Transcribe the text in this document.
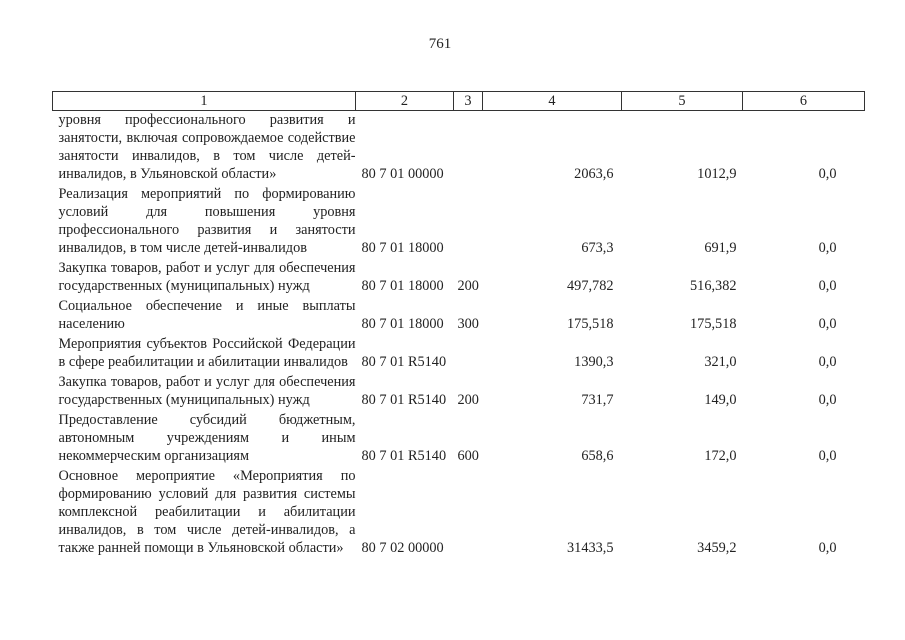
761
1	2	3	4	5	6
уровня профессионального развития и занятости, включая сопровождаемое содействие занятости инвалидов, в том числе детей-инвалидов, в Ульяновской области»	80 7 01 00000		2063,6	1012,9	0,0
Реализация мероприятий по формированию условий для повышения уровня профессионального развития и занятости инвалидов, в том числе детей-инвалидов	80 7 01 18000		673,3	691,9	0,0
Закупка товаров, работ и услуг для обеспечения государственных (муниципальных) нужд	80 7 01 18000	200	497,782	516,382	0,0
Социальное обеспечение и иные выплаты населению	80 7 01 18000	300	175,518	175,518	0,0
Мероприятия субъектов Российской Федерации в сфере реабилитации и абилитации инвалидов	80 7 01 R5140		1390,3	321,0	0,0
Закупка товаров, работ и услуг для обеспечения государственных (муниципальных) нужд	80 7 01 R5140	200	731,7	149,0	0,0
Предоставление субсидий бюджетным, автономным учреждениям и иным некоммерческим организациям	80 7 01 R5140	600	658,6	172,0	0,0
Основное мероприятие «Мероприятия по формированию условий для развития системы комплексной реабилитации и абилитации инвалидов, в том числе детей-инвалидов, а также ранней помощи в Ульяновской области»	80 7 02 00000		31433,5	3459,2	0,0
